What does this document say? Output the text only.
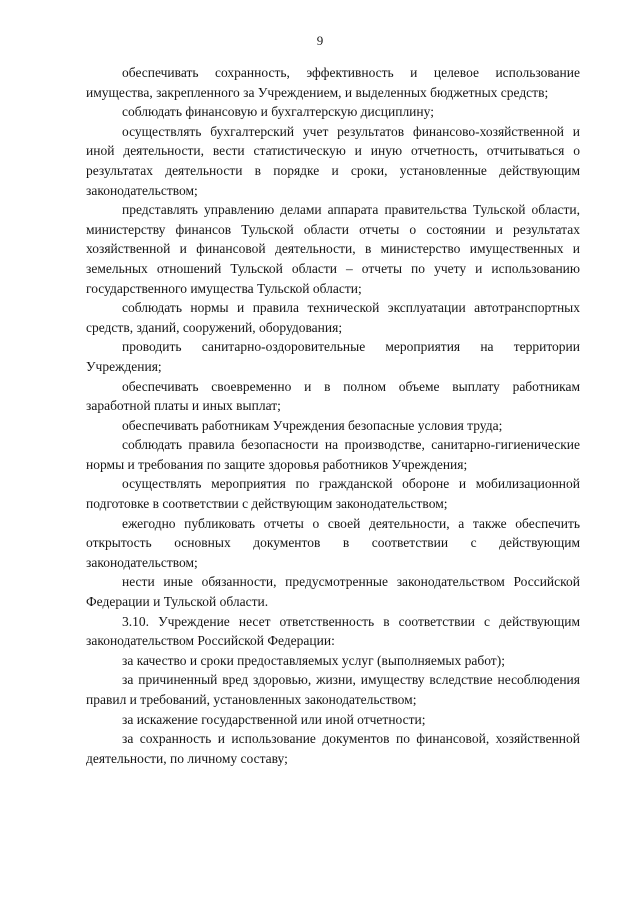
9

обеспечивать сохранность, эффективность и целевое использование имущества, закрепленного за Учреждением, и выделенных бюджетных средств;

соблюдать финансовую и бухгалтерскую дисциплину;

осуществлять бухгалтерский учет результатов финансово-хозяйственной и иной деятельности, вести статистическую и иную отчетность, отчитываться о результатах деятельности в порядке и сроки, установленные действующим законодательством;

представлять управлению делами аппарата правительства Тульской области, министерству финансов Тульской области отчеты о состоянии и результатах хозяйственной и финансовой деятельности, в министерство имущественных и земельных отношений Тульской области – отчеты по учету и использованию государственного имущества Тульской области;

соблюдать нормы и правила технической эксплуатации автотранспортных средств, зданий, сооружений, оборудования;

проводить санитарно-оздоровительные мероприятия на территории Учреждения;

обеспечивать своевременно и в полном объеме выплату работникам заработной платы и иных выплат;

обеспечивать работникам Учреждения безопасные условия труда;

соблюдать правила безопасности на производстве, санитарно-гигиенические нормы и требования по защите здоровья работников Учреждения;

осуществлять мероприятия по гражданской обороне и мобилизационной подготовке в соответствии с действующим законодательством;

ежегодно публиковать отчеты о своей деятельности, а также обеспечить открытость основных документов в соответствии с действующим законодательством;

нести иные обязанности, предусмотренные законодательством Российской Федерации и Тульской области.

3.10. Учреждение несет ответственность в соответствии с действующим законодательством Российской Федерации:

за качество и сроки предоставляемых услуг (выполняемых работ);

за причиненный вред здоровью, жизни, имуществу вследствие несоблюдения правил и требований, установленных законодательством;

за искажение государственной или иной отчетности;

за сохранность и использование документов по финансовой, хозяйственной деятельности, по личному составу;
